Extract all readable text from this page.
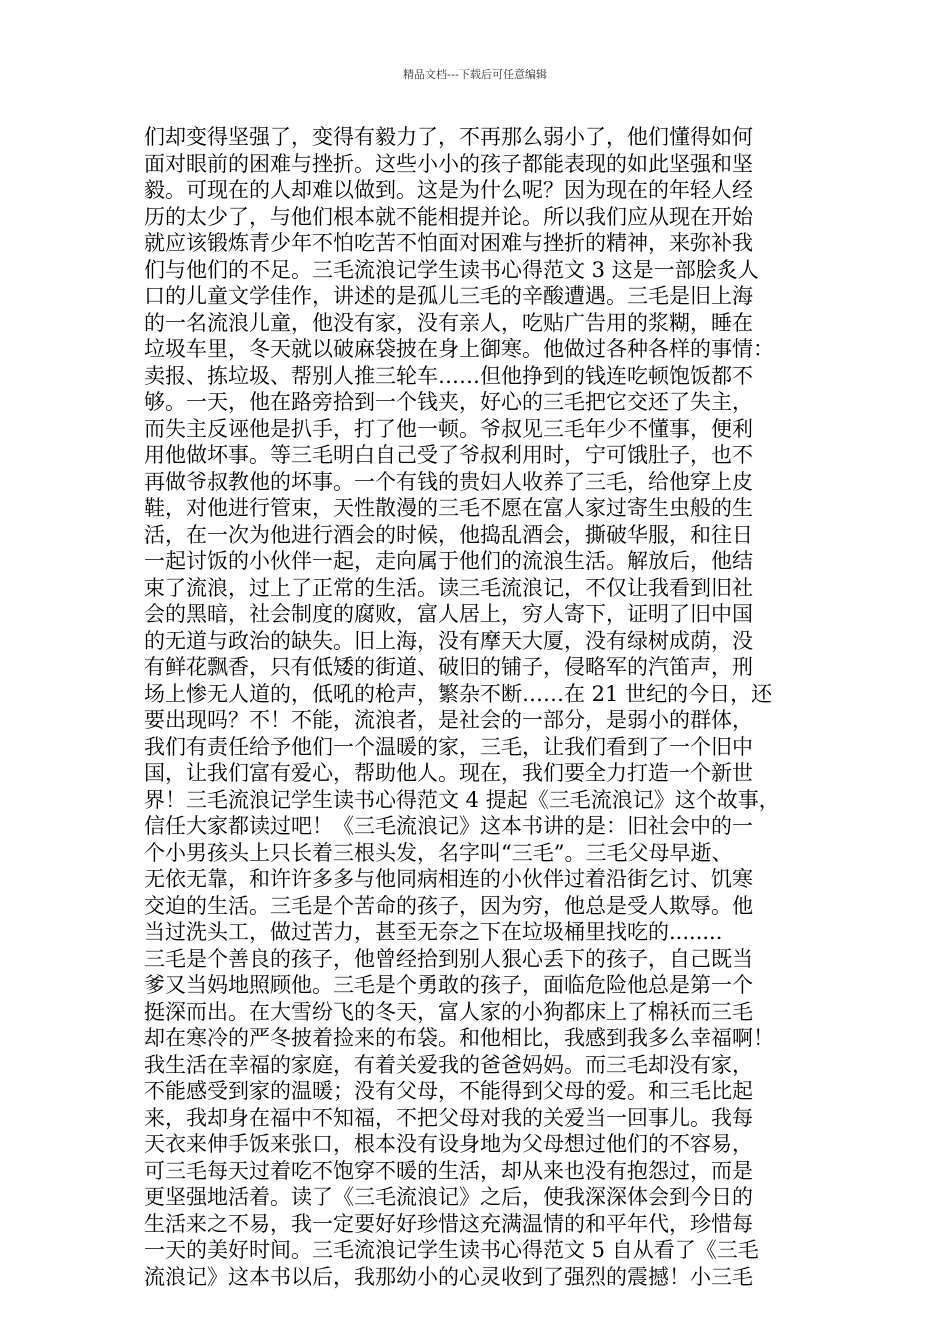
精品文档---下载后可任意编辑
们却变得坚强了，变得有毅力了，不再那么弱小了，他们懂得如何
面对眼前的困难与挫折。这些小小的孩子都能表现的如此坚强和坚
毅。可现在的人却难以做到。这是为什么呢？因为现在的年轻人经
历的太少了，与他们根本就不能相提并论。所以我们应从现在开始
就应该锻炼青少年不怕吃苦不怕面对困难与挫折的精神，来弥补我
们与他们的不足。三毛流浪记学生读书心得范文 3 这是一部脍炙人
口的儿童文学佳作，讲述的是孤儿三毛的辛酸遭遇。三毛是旧上海
的一名流浪儿童，他没有家，没有亲人，吃贴广告用的浆糊，睡在
垃圾车里，冬天就以破麻袋披在身上御寒。他做过各种各样的事情：
卖报、拣垃圾、帮别人推三轮车……但他挣到的钱连吃顿饱饭都不
够。一天，他在路旁拾到一个钱夹，好心的三毛把它交还了失主，
而失主反诬他是扒手，打了他一顿。爷叔见三毛年少不懂事，便利
用他做坏事。等三毛明白自己受了爷叔利用时，宁可饿肚子，也不
再做爷叔教他的坏事。一个有钱的贵妇人收养了三毛，给他穿上皮
鞋，对他进行管束，天性散漫的三毛不愿在富人家过寄生虫般的生
活，在一次为他进行酒会的时候，他捣乱酒会，撕破华服，和往日
一起讨饭的小伙伴一起，走向属于他们的流浪生活。解放后，他结
束了流浪，过上了正常的生活。读三毛流浪记，不仅让我看到旧社
会的黑暗，社会制度的腐败，富人居上，穷人寄下，证明了旧中国
的无道与政治的缺失。旧上海，没有摩天大厦，没有绿树成荫，没
有鲜花飘香，只有低矮的街道、破旧的铺子，侵略军的汽笛声，刑
场上惨无人道的，低吼的枪声，繁杂不断……在 21 世纪的今日，还
要出现吗？不！不能，流浪者，是社会的一部分，是弱小的群体，
我们有责任给予他们一个温暖的家，三毛，让我们看到了一个旧中
国，让我们富有爱心，帮助他人。现在，我们要全力打造一个新世
界！三毛流浪记学生读书心得范文 4 提起《三毛流浪记》这个故事，
信任大家都读过吧！《三毛流浪记》这本书讲的是：旧社会中的一
个小男孩头上只长着三根头发，名字叫“三毛”。三毛父母早逝、
无依无靠，和许许多多与他同病相连的小伙伴过着沿街乞讨、饥寒
交迫的生活。三毛是个苦命的孩子，因为穷，他总是受人欺辱。他
当过洗头工，做过苦力，甚至无奈之下在垃圾桶里找吃的........
三毛是个善良的孩子，他曾经拾到别人狠心丢下的孩子，自己既当
爹又当妈地照顾他。三毛是个勇敢的孩子，面临危险他总是第一个
挺深而出。在大雪纷飞的冬天，富人家的小狗都床上了棉袄而三毛
却在寒冷的严冬披着捡来的布袋。和他相比，我感到我多么幸福啊！
我生活在幸福的家庭，有着关爱我的爸爸妈妈。而三毛却没有家，
不能感受到家的温暖；没有父母，不能得到父母的爱。和三毛比起
来，我却身在福中不知福，不把父母对我的关爱当一回事儿。我每
天衣来伸手饭来张口，根本没有设身地为父母想过他们的不容易，
可三毛每天过着吃不饱穿不暖的生活，却从来也没有抱怨过，而是
更坚强地活着。读了《三毛流浪记》之后，使我深深体会到今日的
生活来之不易，我一定要好好珍惜这充满温情的和平年代，珍惜每
一天的美好时间。三毛流浪记学生读书心得范文 5 自从看了《三毛
流浪记》这本书以后，我那幼小的心灵收到了强烈的震撼！小三毛
